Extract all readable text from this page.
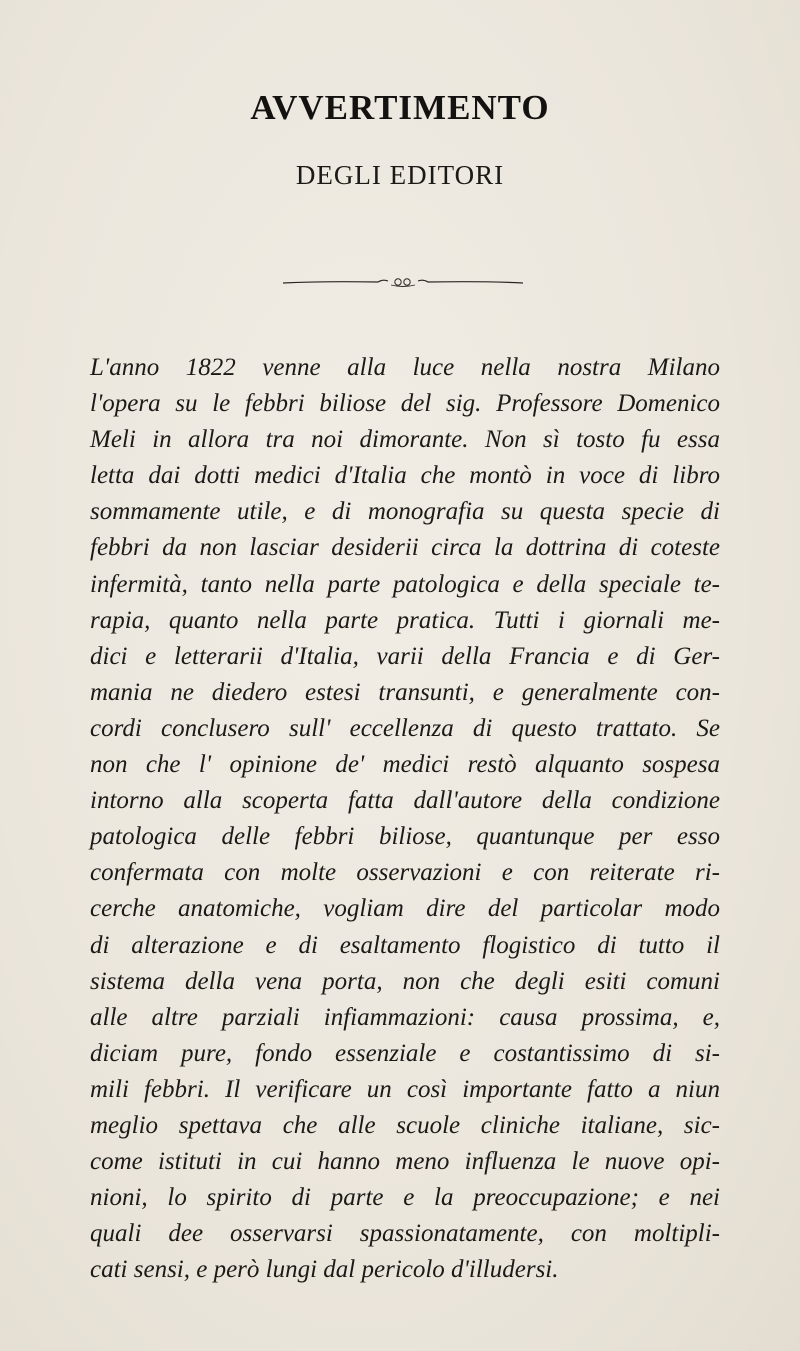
AVVERTIMENTO
DEGLI EDITORI
L'anno 1822 venne alla luce nella nostra Milano
l'opera su le febbri biliose del sig. Professore Domenico
Meli in allora tra noi dimorante. Non sì tosto fu essa
letta dai dotti medici d'Italia che montò in voce di libro
sommamente utile, e di monografia su questa specie di
febbri da non lasciar desiderii circa la dottrina di coteste
infermità, tanto nella parte patologica e della speciale te-
rapia, quanto nella parte pratica. Tutti i giornali me-
dici e letterarii d'Italia, varii della Francia e di Ger-
mania ne diedero estesi transunti, e generalmente con-
cordi conclusero sull' eccellenza di questo trattato. Se
non che l' opinione de' medici restò alquanto sospesa
intorno alla scoperta fatta dall'autore della condizione
patologica delle febbri biliose, quantunque per esso
confermata con molte osservazioni e con reiterate ri-
cerche anatomiche, vogliam dire del particolar modo
di alterazione e di esaltamento flogistico di tutto il
sistema della vena porta, non che degli esiti comuni
alle altre parziali infiammazioni: causa prossima, e,
diciam pure, fondo essenziale e costantissimo di si-
mili febbri. Il verificare un così importante fatto a niun
meglio spettava che alle scuole cliniche italiane, sic-
come istituti in cui hanno meno influenza le nuove opi-
nioni, lo spirito di parte e la preoccupazione; e nei
quali dee osservarsi spassionatamente, con moltipli-
cati sensi, e però lungi dal pericolo d'illudersi.
